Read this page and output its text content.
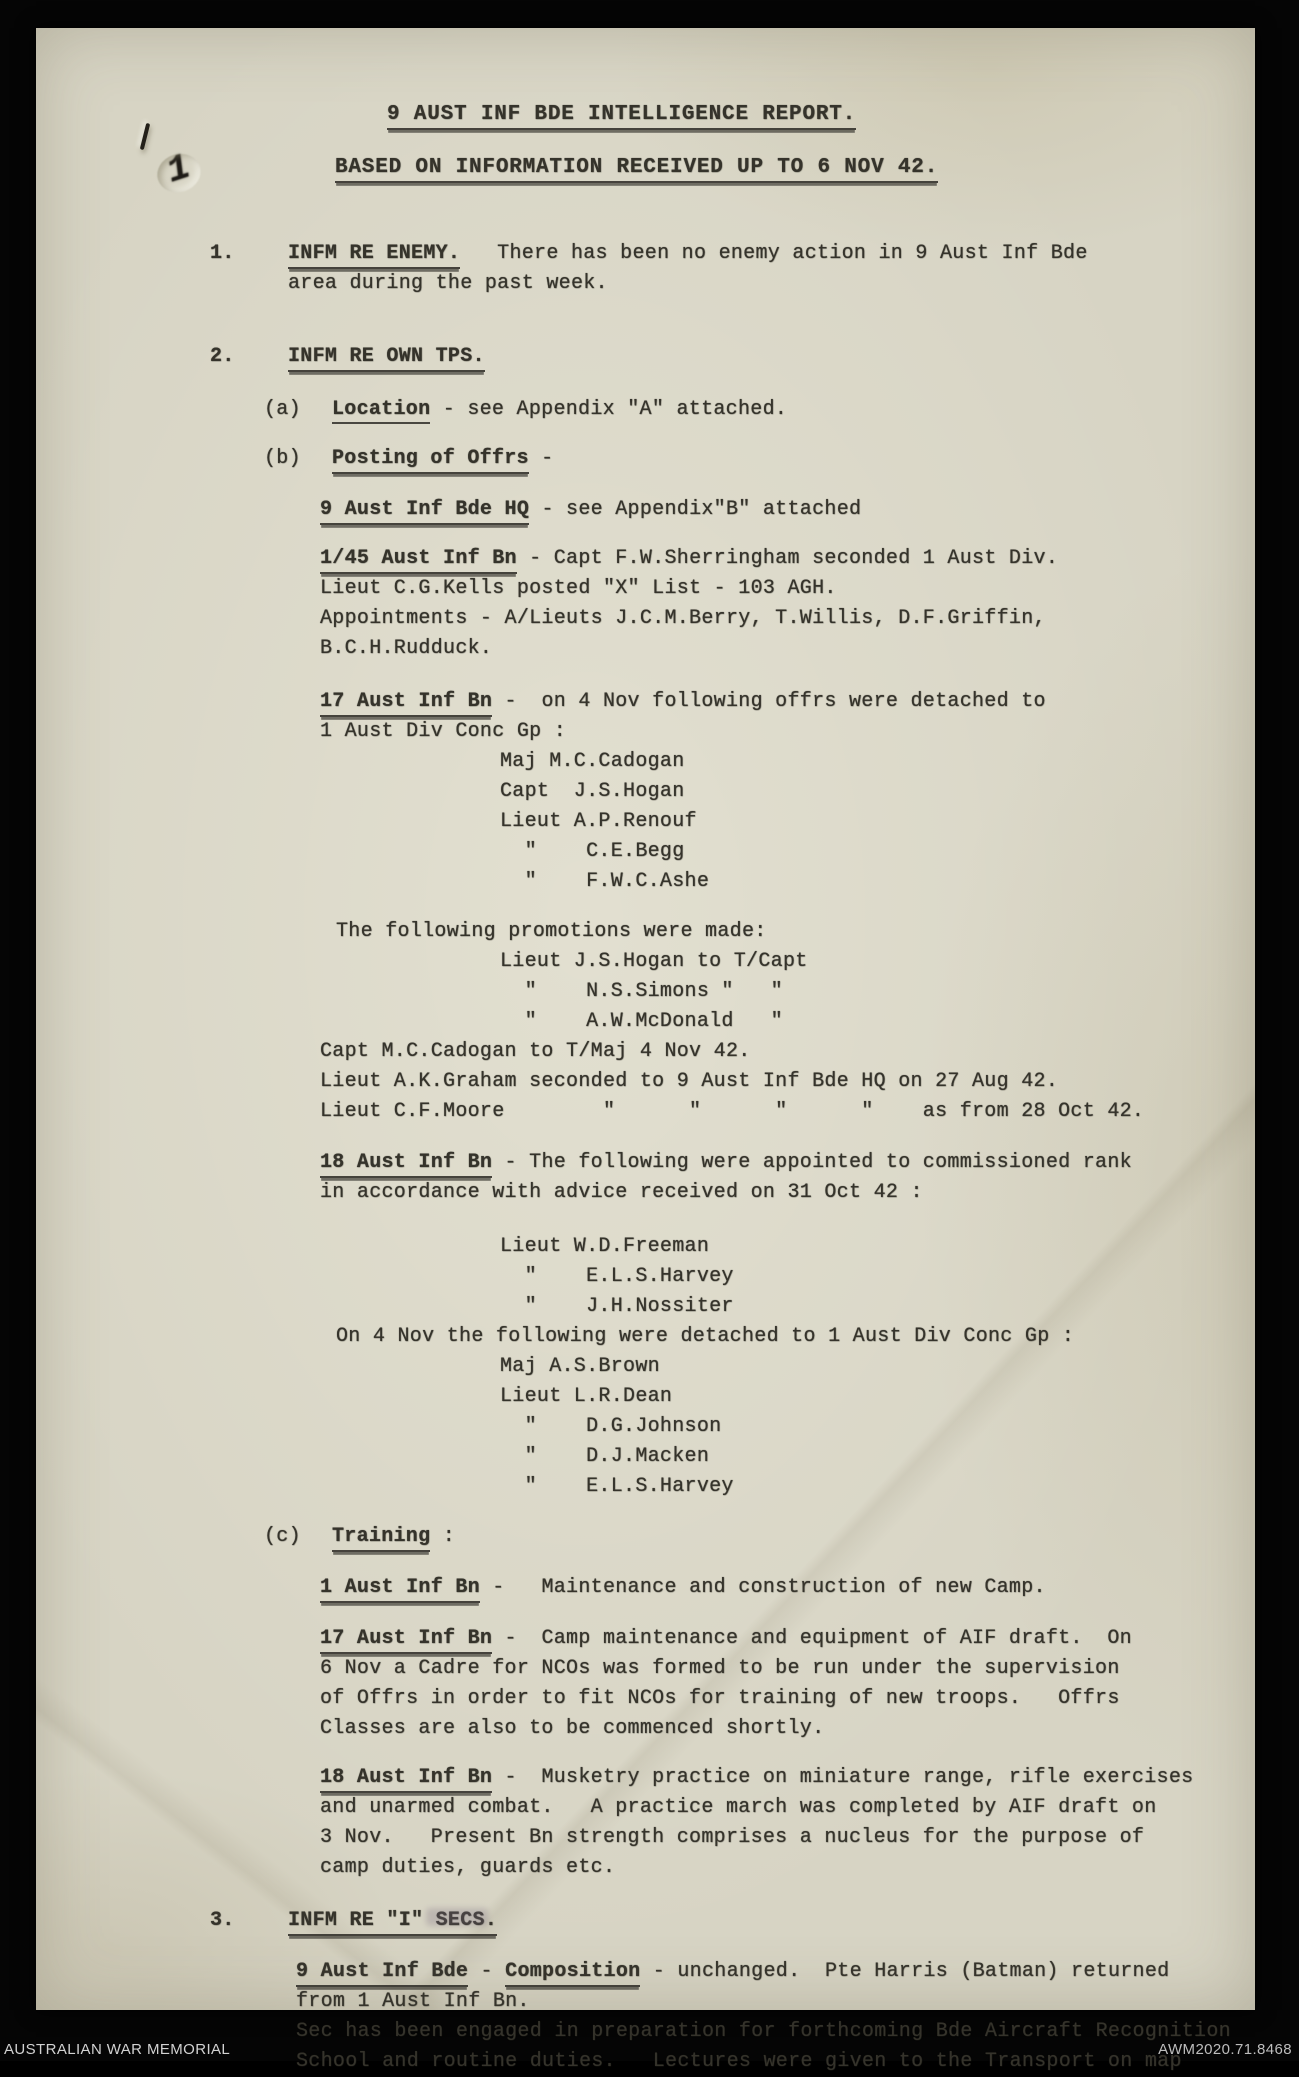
1
9 AUST INF BDE INTELLIGENCE REPORT.
BASED ON INFORMATION RECEIVED UP TO 6 NOV 42.
1.	INFM RE ENEMY.   There has been no enemy action in 9 Aust Inf Bde
area during the past week.
2.	INFM RE OWN TPS.
(a) Location - see Appendix "A" attached.
(b) Posting of Offrs -
9 Aust Inf Bde HQ - see Appendix"B" attached
1/45 Aust Inf Bn - Capt F.W.Sherringham seconded 1 Aust Div.
Lieut C.G.Kells posted "X" List - 103 AGH.
Appointments - A/Lieuts J.C.M.Berry, T.Willis, D.F.Griffin,
B.C.H.Rudduck.
17 Aust Inf Bn -  on 4 Nov following offrs were detached to
1 Aust Div Conc Gp :
Maj M.C.Cadogan
Capt  J.S.Hogan
Lieut A.P.Renouf
"    C.E.Begg
"    F.W.C.Ashe
The following promotions were made:
Lieut J.S.Hogan to T/Capt
"    N.S.Simons "   "
"    A.W.McDonald   "
Capt M.C.Cadogan to T/Maj 4 Nov 42.
Lieut A.K.Graham seconded to 9 Aust Inf Bde HQ on 27 Aug 42.
Lieut C.F.Moore        "      "      "      "    as from 28 Oct 42.
18 Aust Inf Bn - The following were appointed to commissioned rank
in accordance with advice received on 31 Oct 42 :
Lieut W.D.Freeman
"    E.L.S.Harvey
"    J.H.Nossiter
On 4 Nov the following were detached to 1 Aust Div Conc Gp :
Maj A.S.Brown
Lieut L.R.Dean
"    D.G.Johnson
"    D.J.Macken
"    E.L.S.Harvey
(c) Training :
1 Aust Inf Bn -   Maintenance and construction of new Camp.
17 Aust Inf Bn -  Camp maintenance and equipment of AIF draft.  On
6 Nov a Cadre for NCOs was formed to be run under the supervision
of Offrs in order to fit NCOs for training of new troops.   Offrs
Classes are also to be commenced shortly.
18 Aust Inf Bn -  Musketry practice on miniature range, rifle exercises
and unarmed combat.   A practice march was completed by AIF draft on
3 Nov.   Present Bn strength comprises a nucleus for the purpose of
camp duties, guards etc.
3.	INFM RE "I" SECS.
9 Aust Inf Bde - Composition - unchanged.  Pte Harris (Batman) returned
from 1 Aust Inf Bn.
Sec has been engaged in preparation for forthcoming Bde Aircraft Recognition
School and routine duties.   Lectures were given to the Transport on map
AUSTRALIAN WAR MEMORIAL	AWM2020.71.8468
